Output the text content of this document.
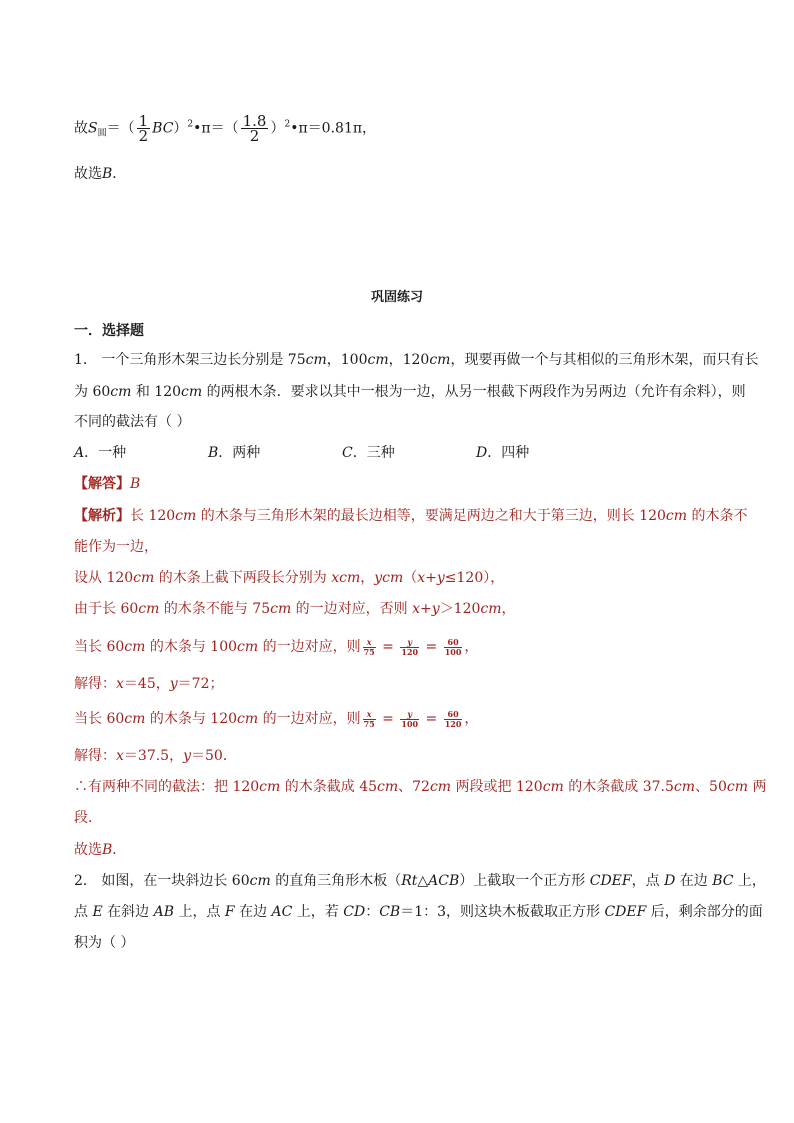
故$S_圆=( \frac{1}{2}$ BC）$^2$•π＝（ $\frac{1.8}{2}$ ）$^2$•π＝0.81π，
故选B．
巩固练习
一．选择题
1． 一个三角形木架三边长分别是 75cm，100cm，120cm，现要再做一个与其相似的三角形木架，而只有长
为 60cm 和 120cm 的两根木条．要求以其中一根为一边，从另一根截下两段作为另两边（允许有余料），则
不同的截法有（ ）
A．一种	B．两种	C．三种	D．四种
【解答】B
【解析】长 120cm 的木条与三角形木架的最长边相等，要满足两边之和大于第三边，则长 120cm 的木条不
能作为一边，
设从 120cm 的木条上截下两段长分别为 xcm，ycm（x+y≤120），
由于长 60cm 的木条不能与 75cm 的一边对应，否则 x+y＞120cm，
当长 60cm 的木条与 100cm 的一边对应，则 $\frac{x}{75} = \frac{y}{120} = \frac{60}{100}$ ，
解得：x＝45，y＝72；
当长 60cm 的木条与 120cm 的一边对应，则 $\frac{x}{75} = \frac{y}{100} = \frac{60}{120}$ ，
解得：x＝37.5，y＝50．
∴有两种不同的截法：把 120cm 的木条截成 45cm、72cm 两段或把 120cm 的木条截成 37.5cm、50cm 两
段．
故选B．
2． 如图，在一块斜边长 60cm 的直角三角形木板（Rt△ACB）上截取一个正方形 CDEF，点 D 在边 BC 上，
点 E 在斜边 AB 上，点 F 在边 AC 上，若 CD：CB＝1：3，则这块木板截取正方形 CDEF 后，剩余部分的面
积为（ ）
